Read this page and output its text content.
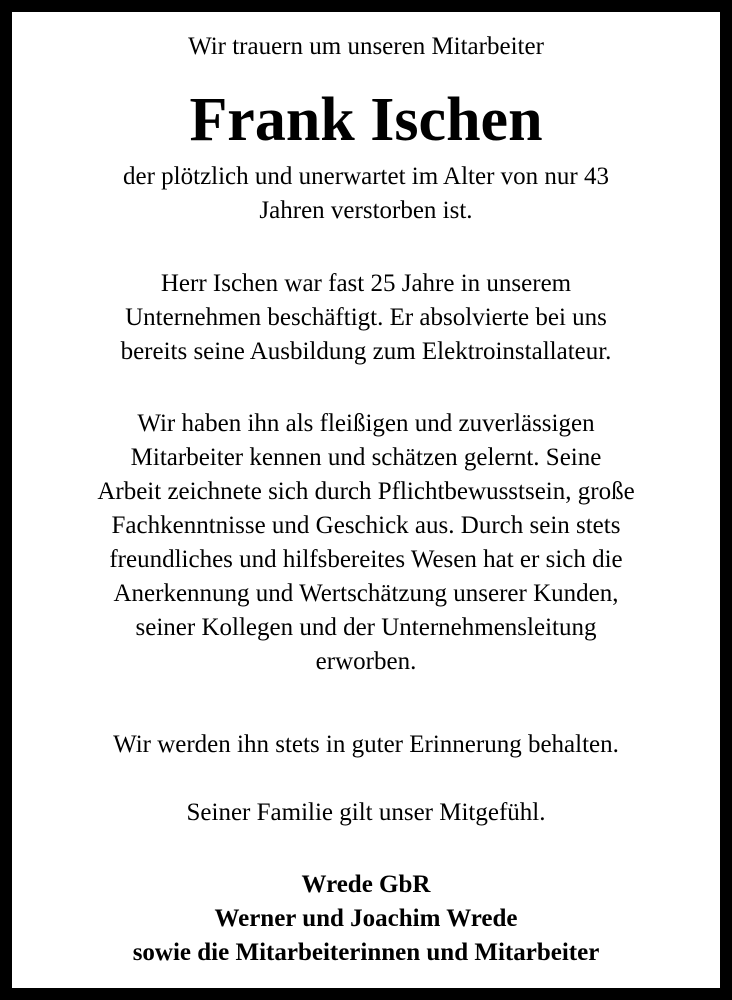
Wir trauern um unseren Mitarbeiter
Frank Ischen
der plötzlich und unerwartet im Alter von nur 43
Jahren verstorben ist.
Herr Ischen war fast 25 Jahre in unserem
Unternehmen beschäftigt. Er absolvierte bei uns
bereits seine Ausbildung zum Elektroinstallateur.
Wir haben ihn als fleißigen und zuverlässigen
Mitarbeiter kennen und schätzen gelernt. Seine
Arbeit zeichnete sich durch Pflichtbewusstsein, große
Fachkenntnisse und Geschick aus. Durch sein stets
freundliches und hilfsbereites Wesen hat er sich die
Anerkennung und Wertschätzung unserer Kunden,
seiner Kollegen und der Unternehmensleitung
erworben.
Wir werden ihn stets in guter Erinnerung behalten.
Seiner Familie gilt unser Mitgefühl.
Wrede GbR
Werner und Joachim Wrede
sowie die Mitarbeiterinnen und Mitarbeiter
